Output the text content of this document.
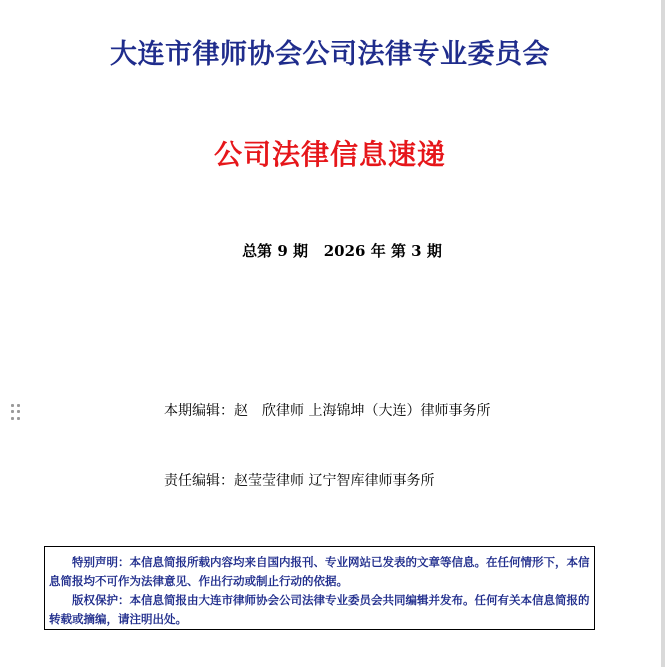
大连市律师协会公司法律专业委员会
公司法律信息速递
总第 9 期 2026 年 第 3 期
本期编辑：赵　欣律师 上海锦坤（大连）律师事务所
责任编辑：赵莹莹律师 辽宁智库律师事务所

特别声明：本信息简报所载内容均来自国内报刊、专业网站已发表的文章等信息。在任何情形下，本信息简报均不可作为法律意见、作出行动或制止行动的依据。

版权保护：本信息简报由大连市律师协会公司法律专业委员会共同编辑并发布。任何有关本信息简报的转载或摘编，请注明出处。
